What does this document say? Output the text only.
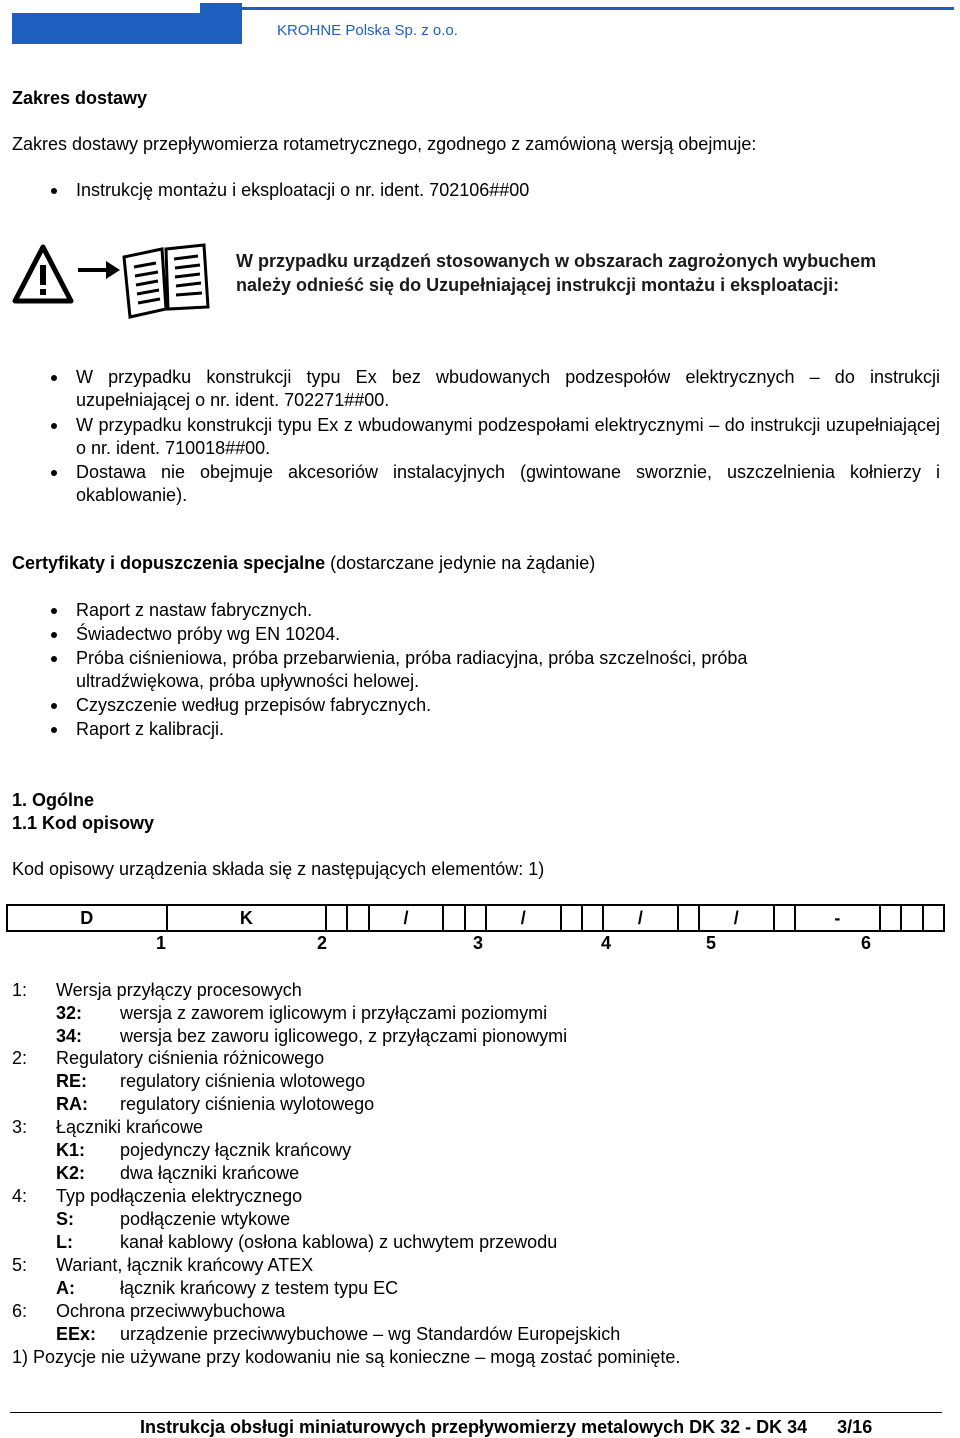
KROHNE Polska Sp. z o.o.
Zakres dostawy
Zakres dostawy przepływomierza rotametrycznego, zgodnego z zamówioną wersją obejmuje:
Instrukcję montażu i eksploatacji o nr. ident. 702106##00
W przypadku urządzeń stosowanych w obszarach zagrożonych wybuchem należy odnieść się do Uzupełniającej instrukcji montażu i eksploatacji:
W przypadku konstrukcji typu Ex bez wbudowanych podzespołów elektrycznych – do instrukcji uzupełniającej o nr. ident. 702271##00.
W przypadku konstrukcji typu Ex z wbudowanymi podzespołami elektrycznymi – do instrukcji uzupełniającej o nr. ident. 710018##00.
Dostawa nie obejmuje akcesoriów instalacyjnych (gwintowane sworznie, uszczelnienia kołnierzy i okablowanie).
Certyfikaty i dopuszczenia specjalne (dostarczane jedynie na żądanie)
Raport z nastaw fabrycznych.
Świadectwo próby wg EN 10204.
Próba ciśnieniowa, próba przebarwienia, próba radiacyjna, próba szczelności, próba ultradźwiękowa, próba upływności helowej.
Czyszczenie według przepisów fabrycznych.
Raport z kalibracji.
1. Ogólne
1.1 Kod opisowy
Kod opisowy urządzenia składa się z następujących elementów: 1)
D	K			/			/			/		/		-			
1	2	3	4	5	6
1: Wersja przyłączy procesowych
32: wersja z zaworem iglicowym i przyłączami poziomymi
34: wersja bez zaworu iglicowego, z przyłączami pionowymi
2: Regulatory ciśnienia różnicowego
RE: regulatory ciśnienia wlotowego
RA: regulatory ciśnienia wylotowego
3: Łączniki krańcowe
K1: pojedynczy łącznik krańcowy
K2: dwa łączniki krańcowe
4: Typ podłączenia elektrycznego
S:	podłączenie wtykowe
L:	kanał kablowy (osłona kablowa) z uchwytem przewodu
5: Wariant, łącznik krańcowy ATEX
A:	łącznik krańcowy z testem typu EC
6: Ochrona przeciwwybuchowa
EEx: urządzenie przeciwwybuchowe – wg Standardów Europejskich
1) Pozycje nie używane przy kodowaniu nie są konieczne – mogą zostać pominięte.
Instrukcja obsługi miniaturowych przepływomierzy metalowych DK 32 - DK 34 3/16
